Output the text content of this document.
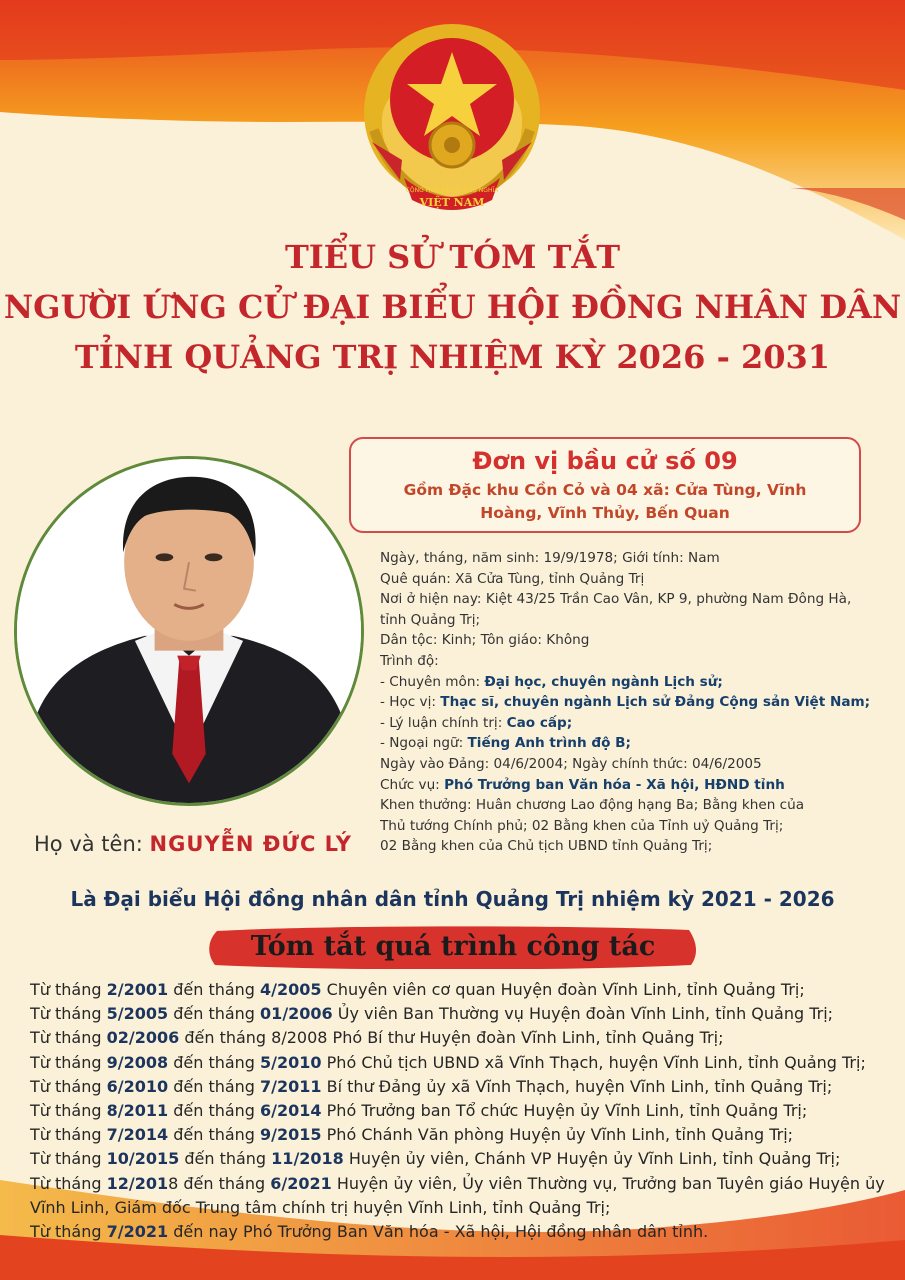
VIỆT NAM
CỘNG HÒA XÃ HỘI CHỦ NGHĨA
TIỂU SỬ TÓM TẮT
NGƯỜI ỨNG CỬ ĐẠI BIỂU HỘI ĐỒNG NHÂN DÂN
TỈNH QUẢNG TRỊ NHIỆM KỲ 2026 - 2031
Đơn vị bầu cử số 09
Gồm Đặc khu Cồn Cỏ và 04 xã: Cửa Tùng, Vĩnh Hoàng, Vĩnh Thủy, Bến Quan
Họ và tên: NGUYỄN ĐỨC LÝ
Ngày, tháng, năm sinh: 19/9/1978; Giới tính: Nam
Quê quán: Xã Cửa Tùng, tỉnh Quảng Trị
Nơi ở hiện nay: Kiệt 43/25 Trần Cao Vân, KP 9, phường Nam Đông Hà,
tỉnh Quảng Trị;
Dân tộc: Kinh; Tôn giáo: Không
Trình độ:
- Chuyên môn: Đại học, chuyên ngành Lịch sử;
- Học vị: Thạc sĩ, chuyên ngành Lịch sử Đảng Cộng sản Việt Nam;
- Lý luận chính trị: Cao cấp;
- Ngoại ngữ: Tiếng Anh trình độ B;
Ngày vào Đảng: 04/6/2004; Ngày chính thức: 04/6/2005
Chức vụ: Phó Trưởng ban Văn hóa - Xã hội, HĐND tỉnh
Khen thưởng: Huân chương Lao động hạng Ba; Bằng khen của
Thủ tướng Chính phủ; 02 Bằng khen của Tỉnh uỷ Quảng Trị;
02 Bằng khen của Chủ tịch UBND tỉnh Quảng Trị;
Là Đại biểu Hội đồng nhân dân tỉnh Quảng Trị nhiệm kỳ 2021 - 2026
Tóm tắt quá trình công tác
Từ tháng 2/2001 đến tháng 4/2005 Chuyên viên cơ quan Huyện đoàn Vĩnh Linh, tỉnh Quảng Trị;
Từ tháng 5/2005 đến tháng 01/2006 Ủy viên Ban Thường vụ Huyện đoàn Vĩnh Linh, tỉnh Quảng Trị;
Từ tháng 02/2006 đến tháng 8/2008 Phó Bí thư Huyện đoàn Vĩnh Linh, tỉnh Quảng Trị;
Từ tháng 9/2008 đến tháng 5/2010 Phó Chủ tịch UBND xã Vĩnh Thạch, huyện Vĩnh Linh, tỉnh Quảng Trị;
Từ tháng 6/2010 đến tháng 7/2011 Bí thư Đảng ủy xã Vĩnh Thạch, huyện Vĩnh Linh, tỉnh Quảng Trị;
Từ tháng 8/2011 đến tháng 6/2014 Phó Trưởng ban Tổ chức Huyện ủy Vĩnh Linh, tỉnh Quảng Trị;
Từ tháng 7/2014 đến tháng 9/2015 Phó Chánh Văn phòng Huyện ủy Vĩnh Linh, tỉnh Quảng Trị;
Từ tháng 10/2015 đến tháng 11/2018 Huyện ủy viên, Chánh VP Huyện ủy Vĩnh Linh, tỉnh Quảng Trị;
Từ tháng 12/2018 đến tháng 6/2021 Huyện ủy viên, Ủy viên Thường vụ, Trưởng ban Tuyên giáo Huyện ủy Vĩnh Linh, Giám đốc Trung tâm chính trị huyện Vĩnh Linh, tỉnh Quảng Trị;
Từ tháng 7/2021 đến nay Phó Trưởng Ban Văn hóa - Xã hội, Hội đồng nhân dân tỉnh.
